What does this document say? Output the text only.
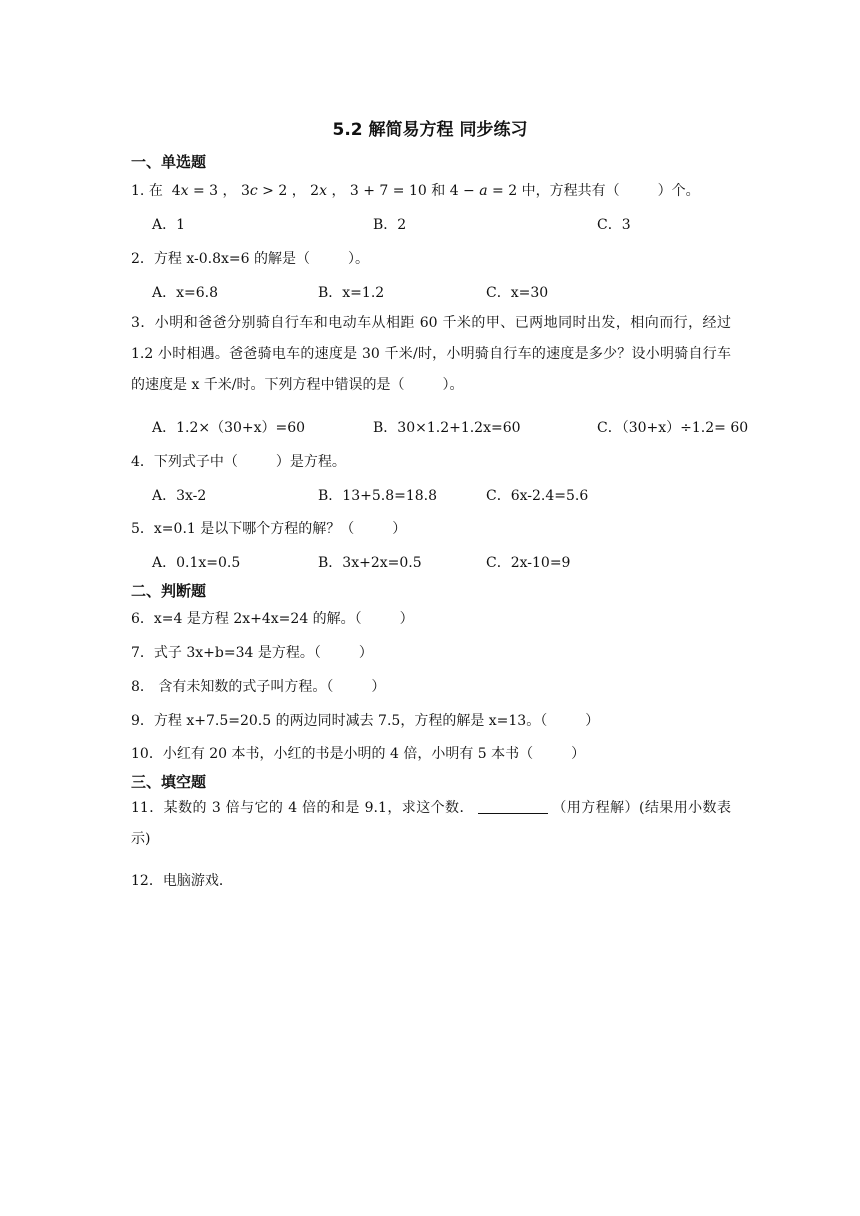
5.2 解简易方程 同步练习
一、单选题
1. 在 4𝑥 = 3 ， 3𝑐 > 2 ， 2𝑥 ， 3 + 7 = 10 和 4 − 𝑎 = 2 中，方程共有（	）个。
A．1	B．2	C．3
2．方程 x-0.8x=6 的解是（	）。
A．x=6.8	B．x=1.2	C．x=30
3．小明和爸爸分别骑自行车和电动车从相距 60 千米的甲、已两地同时出发，相向而行，经过 1.2 小时相遇。爸爸骑电车的速度是 30 千米/时，小明骑自行车的速度是多少？设小明骑自行车的速度是 x 千米/时。下列方程中错误的是（	）。
A．1.2×（30+x）=60	B．30×1.2+1.2x=60	C．（30+x）÷1.2= 60
4．下列式子中（	）是方程。
A．3x-2	B．13+5.8=18.8	C．6x-2.4=5.6
5．x=0.1 是以下哪个方程的解？（	）
A．0.1x=0.5	B．3x+2x=0.5	C．2x-10=9
二、判断题
6．x=4 是方程 2x+4x=24 的解。（	）
7．式子 3x+b=34 是方程。（	）
8． 含有未知数的式子叫方程。（	）
9．方程 x+7.5=20.5 的两边同时减去 7.5，方程的解是 x=13。（	）
10．小红有 20 本书，小红的书是小明的 4 倍，小明有 5 本书（	）
三、填空题
11．某数的 3 倍与它的 4 倍的和是 9.1，求这个数．	（用方程解）(结果用小数表示)
12．电脑游戏．
